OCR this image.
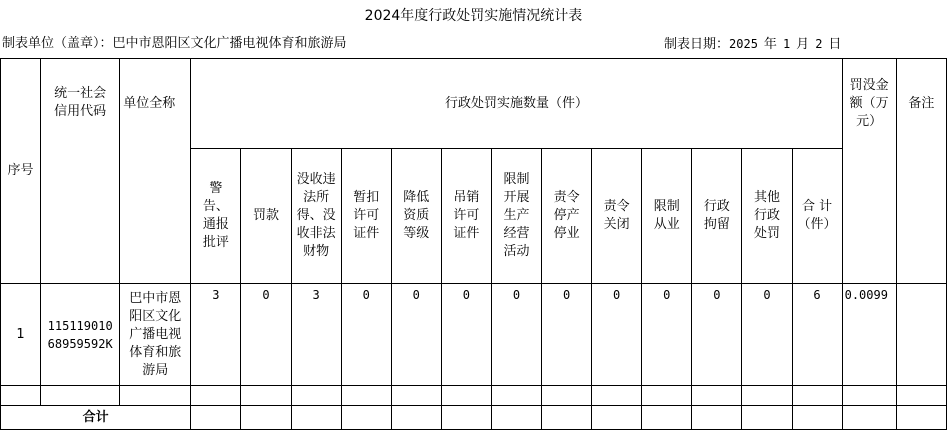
2024年度行政处罚实施情况统计表
制表单位（盖章）：巴中市恩阳区文化广播电视体育和旅游局	制表日期：2025 年 1 月 2 日
序号	统一社会信用代码	单位全称	行政处罚实施数量（件）													罚没金额（万元）	备注

			警告、通报批评	罚款	没收违法所得、没收非法财物	暂扣许可证件	降低资质等级	吊销许可证件	限制开展生产经营活动	责令停产停业	责令关闭	限制从业	行政拘留	其他行政处罚	合 计（件）		

1	11511901068959592K	巴中市恩阳区文化广播电视体育和旅游局	3	0	3	0	0	0	0	0	0	0	0	0	6	0.0099	

合计																	
